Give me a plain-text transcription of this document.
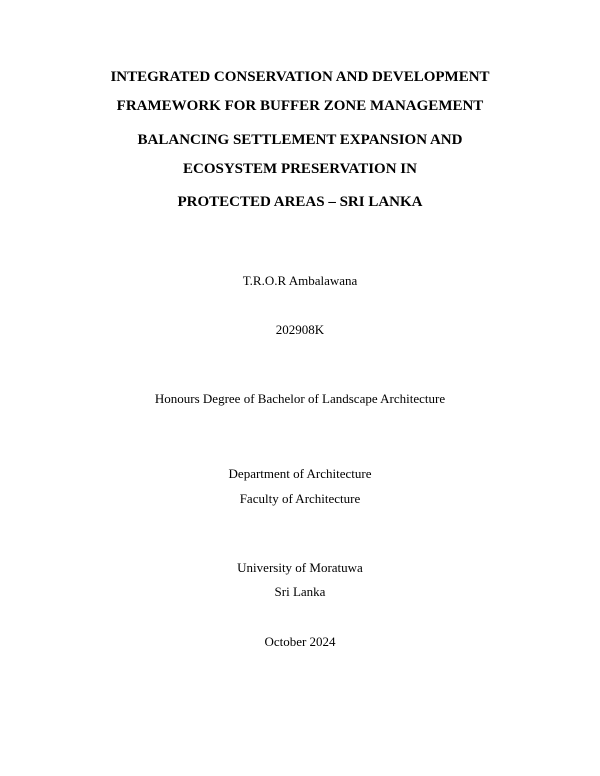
INTEGRATED CONSERVATION AND DEVELOPMENT
FRAMEWORK FOR BUFFER ZONE MANAGEMENT
BALANCING SETTLEMENT EXPANSION AND
ECOSYSTEM PRESERVATION IN
PROTECTED AREAS – SRI LANKA
T.R.O.R Ambalawana
202908K
Honours Degree of Bachelor of Landscape Architecture
Department of Architecture
Faculty of Architecture
University of Moratuwa
Sri Lanka
October 2024
